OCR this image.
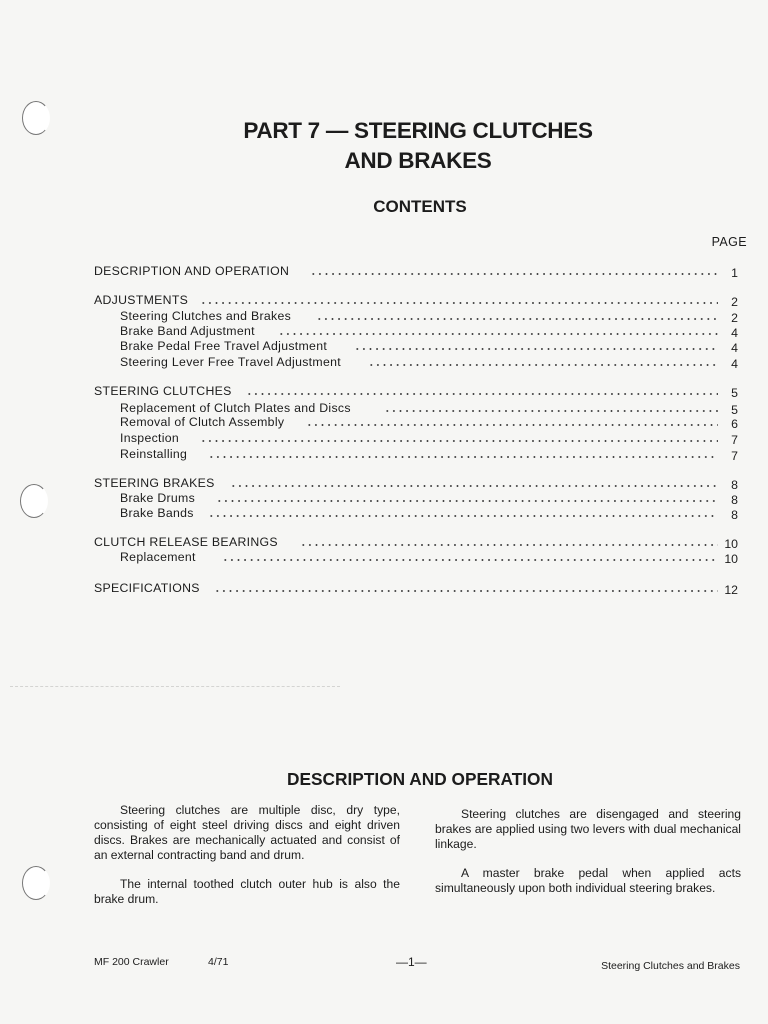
PART 7 — STEERING CLUTCHES
AND BRAKES
CONTENTS
PAGE
DESCRIPTION AND OPERATION	1
ADJUSTMENTS	2
Steering Clutches and Brakes	2
Brake Band Adjustment	4
Brake Pedal Free Travel Adjustment	4
Steering Lever Free Travel Adjustment	4
STEERING CLUTCHES	5
Replacement of Clutch Plates and Discs	5
Removal of Clutch Assembly	6
Inspection	7
Reinstalling	7
STEERING BRAKES	8
Brake Drums	8
Brake Bands	8
CLUTCH RELEASE BEARINGS	10
Replacement	10
SPECIFICATIONS	12
DESCRIPTION AND OPERATION

Steering clutches are multiple disc, dry type, consisting of eight steel driving discs and eight driven discs. Brakes are mechanically actuated and consist of an external contracting band and drum.

The internal toothed clutch outer hub is also the brake drum.

Steering clutches are disengaged and steering brakes are applied using two levers with dual mechanical linkage.

A master brake pedal when applied acts simultaneously upon both individual steering brakes.

MF 200 Crawler	4/71	—1—	Steering Clutches and Brakes
